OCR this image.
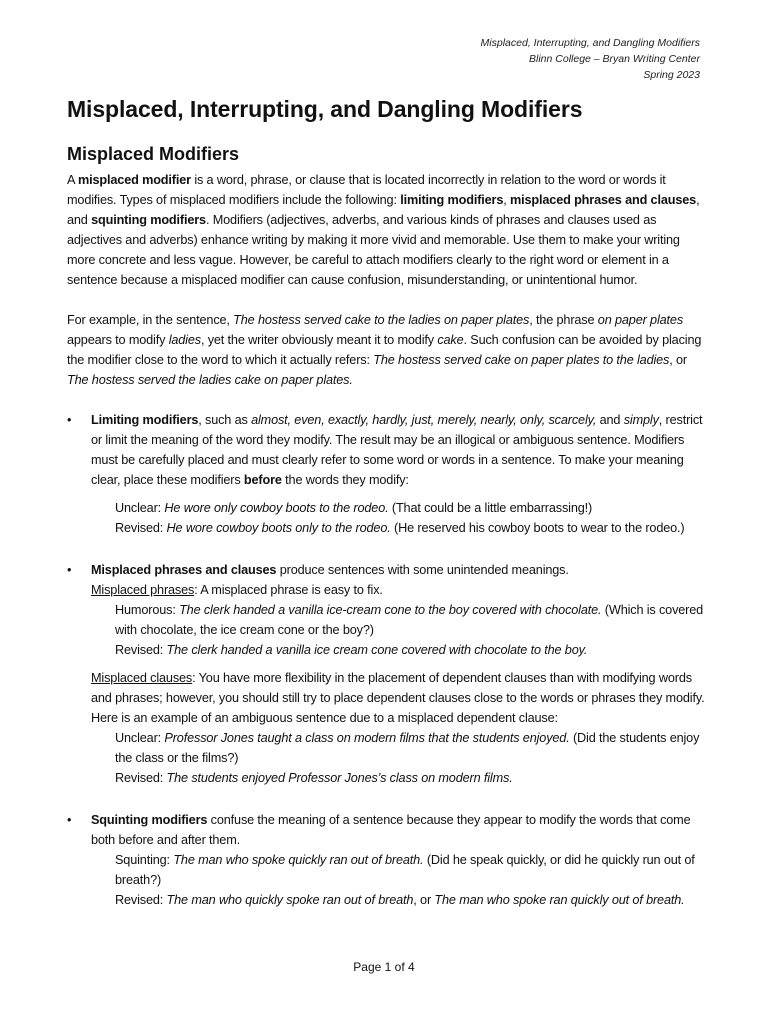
Misplaced, Interrupting, and Dangling Modifiers
Blinn College – Bryan Writing Center
Spring 2023
Misplaced, Interrupting, and Dangling Modifiers
Misplaced Modifiers

A misplaced modifier is a word, phrase, or clause that is located incorrectly in relation to the word or words it modifies. Types of misplaced modifiers include the following: limiting modifiers, misplaced phrases and clauses, and squinting modifiers. Modifiers (adjectives, adverbs, and various kinds of phrases and clauses used as adjectives and adverbs) enhance writing by making it more vivid and memorable. Use them to make your writing more concrete and less vague. However, be careful to attach modifiers clearly to the right word or element in a sentence because a misplaced modifier can cause confusion, misunderstanding, or unintentional humor.

For example, in the sentence, The hostess served cake to the ladies on paper plates, the phrase on paper plates appears to modify ladies, yet the writer obviously meant it to modify cake. Such confusion can be avoided by placing the modifier close to the word to which it actually refers: The hostess served cake on paper plates to the ladies, or The hostess served the ladies cake on paper plates.

• Limiting modifiers, such as almost, even, exactly, hardly, just, merely, nearly, only, scarcely, and simply, restrict or limit the meaning of the word they modify. The result may be an illogical or ambiguous sentence. Modifiers must be carefully placed and must clearly refer to some word or words in a sentence. To make your meaning clear, place these modifiers before the words they modify:

Unclear: He wore only cowboy boots to the rodeo. (That could be a little embarrassing!)

Revised: He wore cowboy boots only to the rodeo. (He reserved his cowboy boots to wear to the rodeo.)

• Misplaced phrases and clauses produce sentences with some unintended meanings.

Misplaced phrases: A misplaced phrase is easy to fix.

Humorous: The clerk handed a vanilla ice-cream cone to the boy covered with chocolate. (Which is covered with chocolate, the ice cream cone or the boy?)

Revised: The clerk handed a vanilla ice cream cone covered with chocolate to the boy.

Misplaced clauses: You have more flexibility in the placement of dependent clauses than with modifying words and phrases; however, you should still try to place dependent clauses close to the words or phrases they modify. Here is an example of an ambiguous sentence due to a misplaced dependent clause:

Unclear: Professor Jones taught a class on modern films that the students enjoyed. (Did the students enjoy the class or the films?)

Revised: The students enjoyed Professor Jones’s class on modern films.

• Squinting modifiers confuse the meaning of a sentence because they appear to modify the words that come both before and after them.

Squinting: The man who spoke quickly ran out of breath. (Did he speak quickly, or did he quickly run out of breath?)

Revised: The man who quickly spoke ran out of breath, or The man who spoke ran quickly out of breath.

Page 1 of 4
